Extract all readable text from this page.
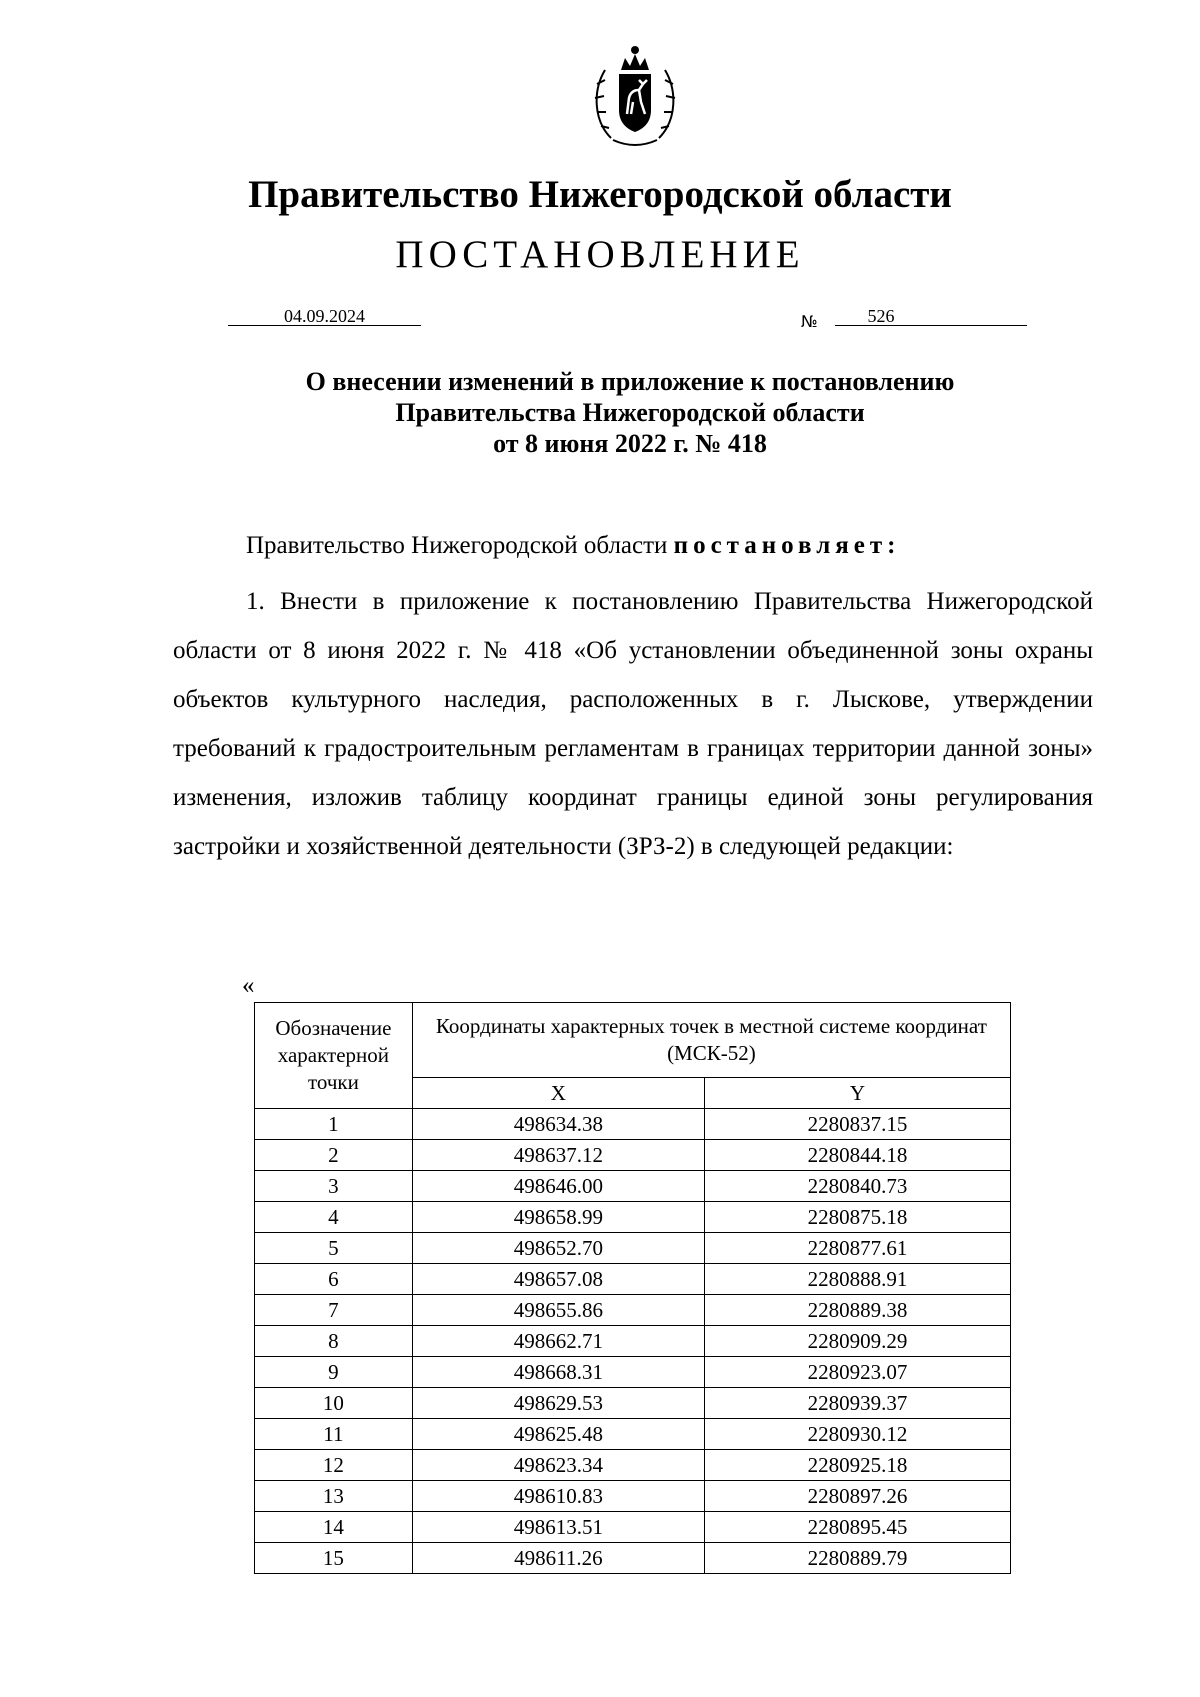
Правительство Нижегородской области
ПОСТАНОВЛЕНИЕ
04.09.2024	№	526
О внесении изменений в приложение к постановлению
Правительства Нижегородской области
от 8 июня 2022 г. № 418
Правительство Нижегородской области постановляет:

1. Внести в приложение к постановлению Правительства Нижегородской области от 8 июня 2022 г. № 418 «Об установлении объединенной зоны охраны объектов культурного наследия, расположенных в г. Лыскове, утверждении требований к градостроительным регламентам в границах территории данной зоны» изменения, изложив таблицу координат границы единой зоны регулирования застройки и хозяйственной деятельности (ЗРЗ-2) в следующей редакции:

«
Обозначение характерной точки	Координаты характерных точек в местной системе координат (МСК-52)	
	X	Y
1	498634.38	2280837.15
2	498637.12	2280844.18
3	498646.00	2280840.73
4	498658.99	2280875.18
5	498652.70	2280877.61
6	498657.08	2280888.91
7	498655.86	2280889.38
8	498662.71	2280909.29
9	498668.31	2280923.07
10	498629.53	2280939.37
11	498625.48	2280930.12
12	498623.34	2280925.18
13	498610.83	2280897.26
14	498613.51	2280895.45
15	498611.26	2280889.79
